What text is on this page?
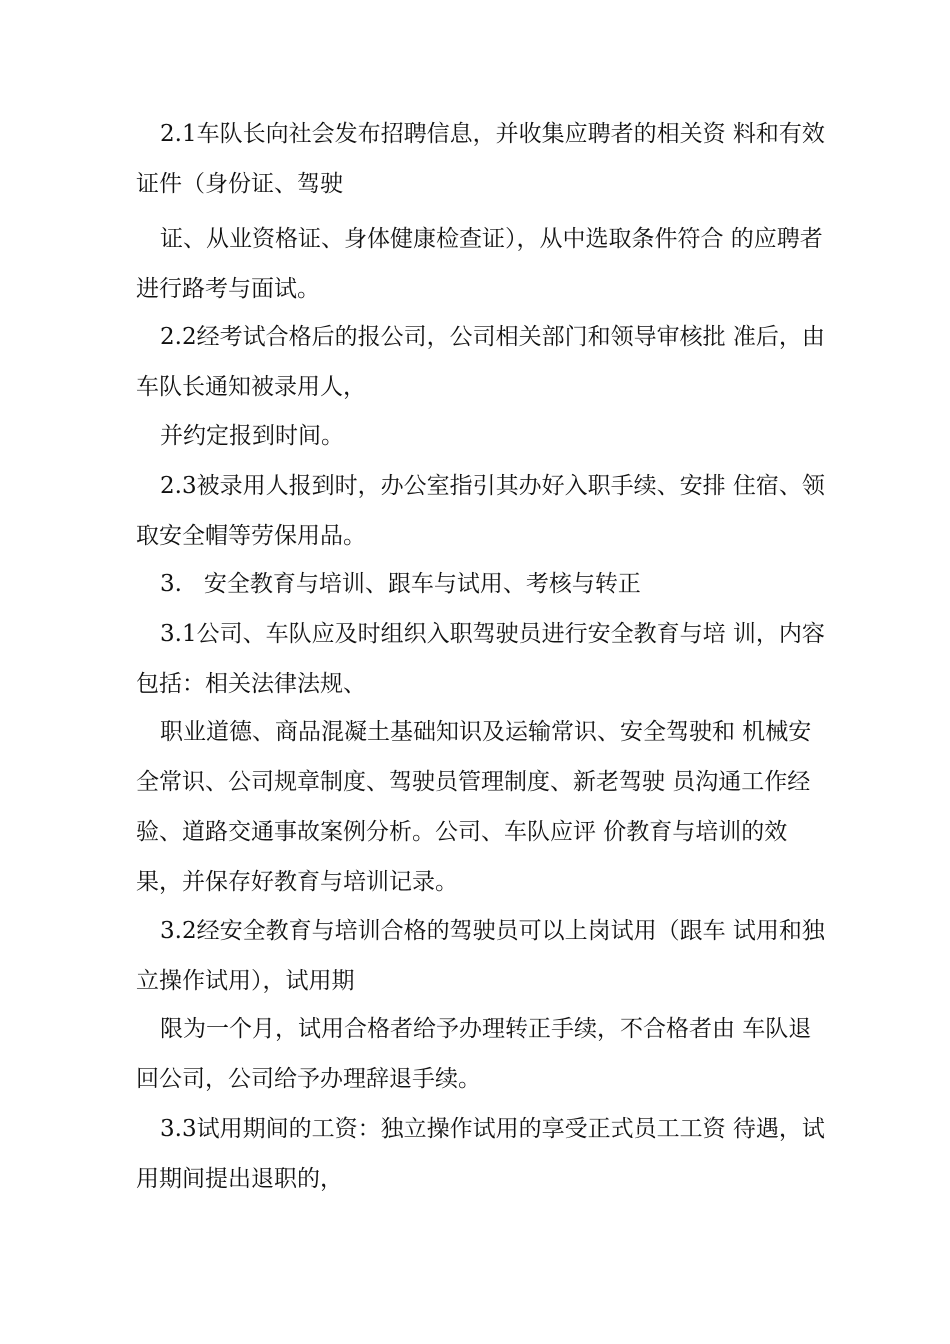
2.1车队长向社会发布招聘信息，并收集应聘者的相关资 料和有效证件（身份证、驾驶

证、从业资格证、身体健康检查证），从中选取条件符合 的应聘者进行路考与面试。

2.2经考试合格后的报公司，公司相关部门和领导审核批 准后，由车队长通知被录用人，

并约定报到时间。

2.3被录用人报到时，办公室指引其办好入职手续、安排 住宿、领取安全帽等劳保用品。

3.   安全教育与培训、跟车与试用、考核与转正

3.1公司、车队应及时组织入职驾驶员进行安全教育与培 训，内容包括：相关法律法规、

职业道德、商品混凝土基础知识及运输常识、安全驾驶和 机械安全常识、公司规章制度、驾驶员管理制度、新老驾驶 员沟通工作经验、道路交通事故案例分析。公司、车队应评 价教育与培训的效果，并保存好教育与培训记录。

3.2经安全教育与培训合格的驾驶员可以上岗试用（跟车 试用和独立操作试用），试用期

限为一个月，试用合格者给予办理转正手续，不合格者由 车队退回公司，公司给予办理辞退手续。

3.3试用期间的工资：独立操作试用的享受正式员工工资 待遇，试用期间提出退职的，
